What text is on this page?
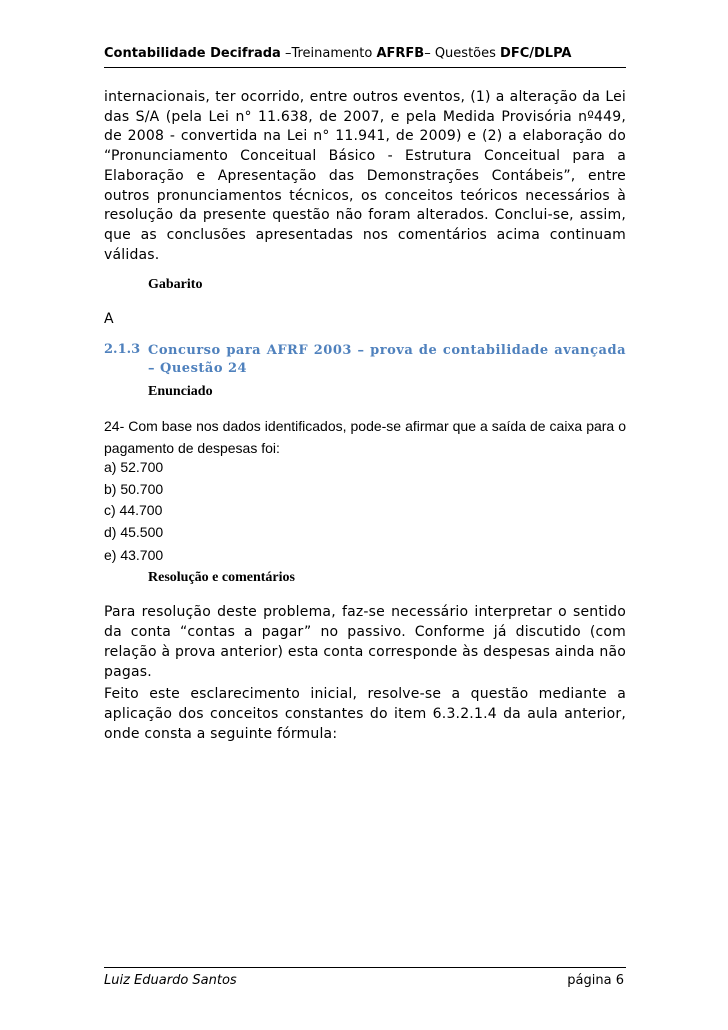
Contabilidade Decifrada –Treinamento AFRFB– Questões DFC/DLPA

internacionais, ter ocorrido, entre outros eventos, (1) a alteração da Lei das S/A (pela Lei n° 11.638, de 2007, e pela Medida Provisória nº449, de 2008 - convertida na Lei n° 11.941, de 2009) e (2) a elaboração do “Pronunciamento Conceitual Básico - Estrutura Conceitual para a Elaboração e Apresentação das Demonstrações Contábeis”, entre outros pronunciamentos técnicos, os conceitos teóricos necessários à resolução da presente questão não foram alterados. Conclui-se, assim, que as conclusões apresentadas nos comentários acima continuam válidas.

Gabarito
A
2.1.3 Concurso para AFRF 2003 – prova de contabilidade avançada – Questão 24
Enunciado

24- Com base nos dados identificados, pode-se afirmar que a saída de caixa para o pagamento de despesas foi:

a) 52.700
b) 50.700
c) 44.700
d) 45.500
e) 43.700
Resolução e comentários

Para resolução deste problema, faz-se necessário interpretar o sentido da conta “contas a pagar” no passivo. Conforme já discutido (com relação à prova anterior) esta conta corresponde às despesas ainda não pagas.

Feito este esclarecimento inicial, resolve-se a questão mediante a aplicação dos conceitos constantes do item 6.3.2.1.4 da aula anterior, onde consta a seguinte fórmula:

Luiz Eduardo Santos	página 6
